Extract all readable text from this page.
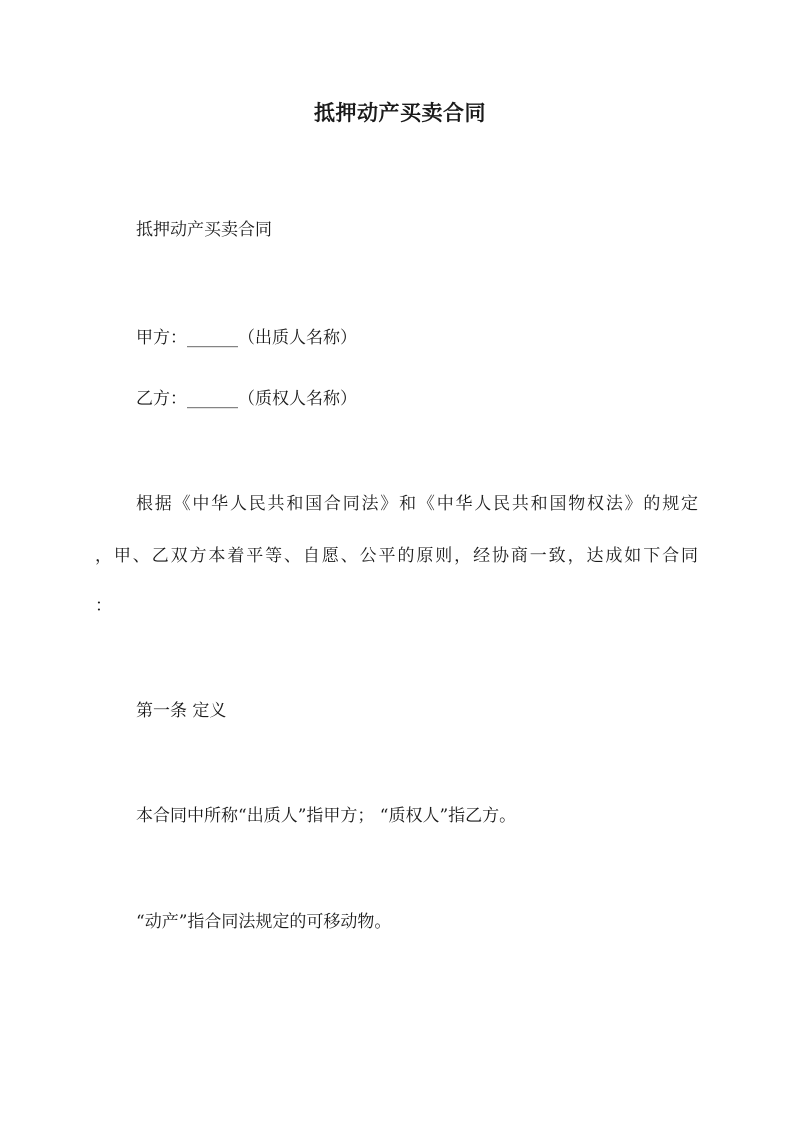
抵押动产买卖合同
抵押动产买卖合同
甲方：______（出质人名称）
乙方：______（质权人名称）
根据《中华人民共和国合同法》和《中华人民共和国物权法》的规定
，甲、乙双方本着平等、自愿、公平的原则，经协商一致，达成如下合同
：
第一条 定义
本合同中所称“出质人”指甲方； “质权人”指乙方。
“动产”指合同法规定的可移动物。
